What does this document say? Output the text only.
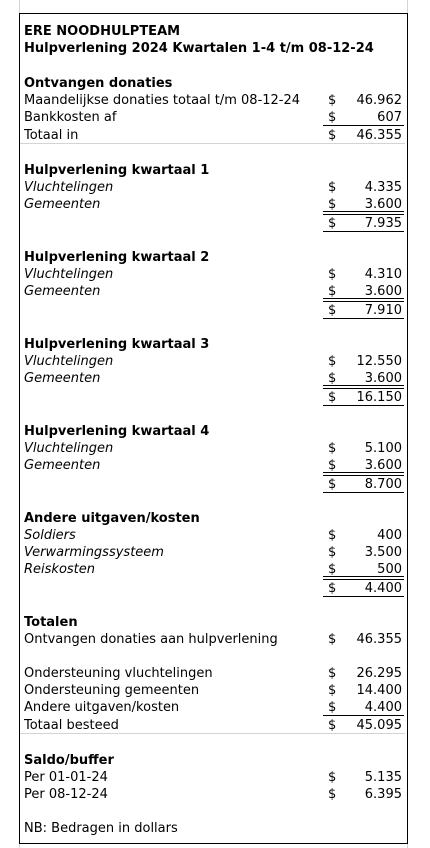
ERE NOODHULPTEAM
Hulpverlening 2024 Kwartalen 1-4 t/m 08-12-24
Ontvangen donaties
Maandelijkse donaties totaal t/m 08-12-24 $ 46.962
Bankkosten af	$	607
Totaal in	$ 46.355
Hulpverlening kwartaal 1
Vluchtelingen	$ 4.335
Gemeenten	$ 3.600
$ 7.935
Hulpverlening kwartaal 2
Vluchtelingen	$ 4.310
Gemeenten	$ 3.600
$ 7.910
Hulpverlening kwartaal 3
Vluchtelingen	$ 12.550
Gemeenten	$ 3.600
$ 16.150
Hulpverlening kwartaal 4
Vluchtelingen	$ 5.100
Gemeenten	$ 3.600
$ 8.700
Andere uitgaven/kosten
Soldiers	$	400
Verwarmingssysteem	$ 3.500
Reiskosten	$	500
$ 4.400
Totalen
Ontvangen donaties aan hulpverlening	$ 46.355
Ondersteuning vluchtelingen	$ 26.295
Ondersteuning gemeenten	$ 14.400
Andere uitgaven/kosten	$ 4.400
Totaal besteed	$ 45.095
Saldo/buffer
Per 01-01-24	$ 5.135
Per 08-12-24	$ 6.395
NB: Bedragen in dollars
